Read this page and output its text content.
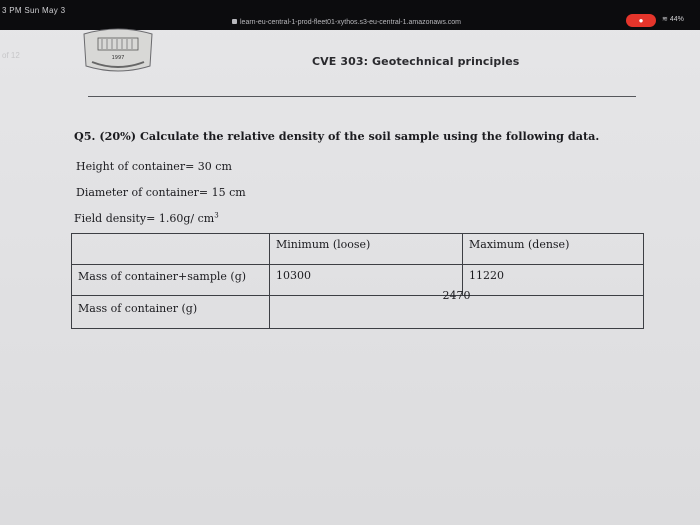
3 PM Sun May 3
learn-eu-central-1-prod-fleet01-xythos.s3-eu-central-1.amazonaws.com	●	≋ 44%
of 12	1997	CVE 303: Geotechnical principles
Q5. (20%) Calculate the relative density of the soil sample using the following data.
Height of container= 30 cm
Diameter of container= 15 cm
Field density= 1.60g/ $cm^3$

	Minimum (loose)	Maximum (dense)

Mass of container+sample (g)	10300	11220

Mass of container (g)	2470	
